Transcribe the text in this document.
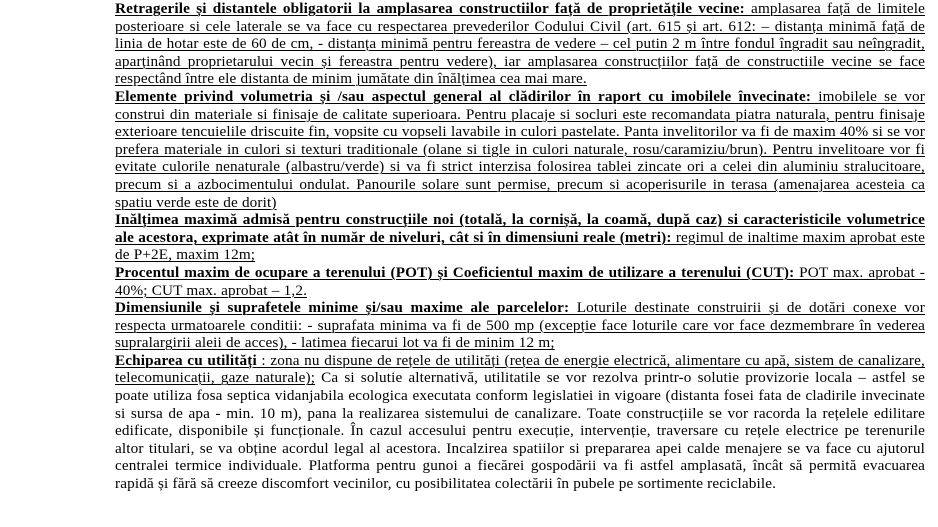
Retragerile și distantele obligatorii la amplasarea constructiilor față de proprietățile vecine: amplasarea față de limitele posterioare si cele laterale se va face cu respectarea prevederilor Codului Civil (art. 615 și art. 612: – distanța minimă față de linia de hotar este de 60 de cm, - distanța minimă pentru fereastra de vedere – cel putin 2 m între fondul îngradit sau neîngradit, aparținând proprietarului vecin și fereastra pentru vedere), iar amplasarea construcțiilor față de constructiile vecine se face respectând între ele distanta de minim jumătate din înălțimea cea mai mare.

Elemente privind volumetria și /sau aspectul general al clădirilor în raport cu imobilele învecinate: imobilele se vor construi din materiale si finisaje de calitate superioara. Pentru placaje si socluri este recomandata piatra naturala, pentru finisaje exterioare tencuielile driscuite fin, vopsite cu vopseli lavabile in culori pastelate. Panta invelitorilor va fi de maxim 40% si se vor prefera materiale in culori si texturi traditionale (olane si tigle in culori naturale, rosu/caramiziu/brun). Pentru invelitoare vor fi evitate culorile nenaturale (albastru/verde) si va fi strict interzisa folosirea tablei zincate ori a celei din aluminiu stralucitoare, precum si a azbocimentului ondulat. Panourile solare sunt permise, precum si acoperisurile in terasa (amenajarea acesteia ca spatiu verde este de dorit)

Inălțimea maximă admisă pentru construcțiile noi (totală, la cornișă, la coamă, după caz) si caracteristicile volumetrice ale acestora, exprimate atât în număr de niveluri, cât si în dimensiuni reale (metri): regimul de inaltime maxim aprobat este de P+2E, maxim 12m;

Procentul maxim de ocupare a terenului (POT) și Coeficientul maxim de utilizare a terenului (CUT): POT max. aprobat - 40%; CUT max. aprobat – 1,2.

Dimensiunile și suprafetele minime și/sau maxime ale parcelelor: Loturile destinate construirii și de dotări conexe vor respecta urmatoarele conditii: - suprafata minima va fi de 500 mp (excepție face loturile care vor face dezmembrare în vederea supralargirii aleii de acces), - latimea fiecarui lot va fi de minim 12 m;

Echiparea cu utilități : zona nu dispune de rețele de utilități (rețea de energie electrică, alimentare cu apă, sistem de canalizare, telecomunicații, gaze naturale); Ca si solutie alternativă, utilitatile se vor rezolva printr-o solutie provizorie locala – astfel se poate utiliza fosa septica vidanjabila ecologica executata conform legislatiei in vigoare (distanta fosei fata de cladirile invecinate si sursa de apa - min. 10 m), pana la realizarea sistemului de canalizare. Toate construcțiile se vor racorda la rețelele edilitare edificate, disponibile și funcționale. În cazul accesului pentru execuție, intervenție, traversare cu rețele electrice pe terenurile altor titulari, se va obține acordul legal al acestora. Incalzirea spatiilor si prepararea apei calde menajere se va face cu ajutorul centralei termice individuale. Platforma pentru gunoi a fiecărei gospodării va fi astfel amplasată, încât să permită evacuarea rapidă și fără să creeze discomfort vecinilor, cu posibilitatea colectării în pubele pe sortimente reciclabile.
